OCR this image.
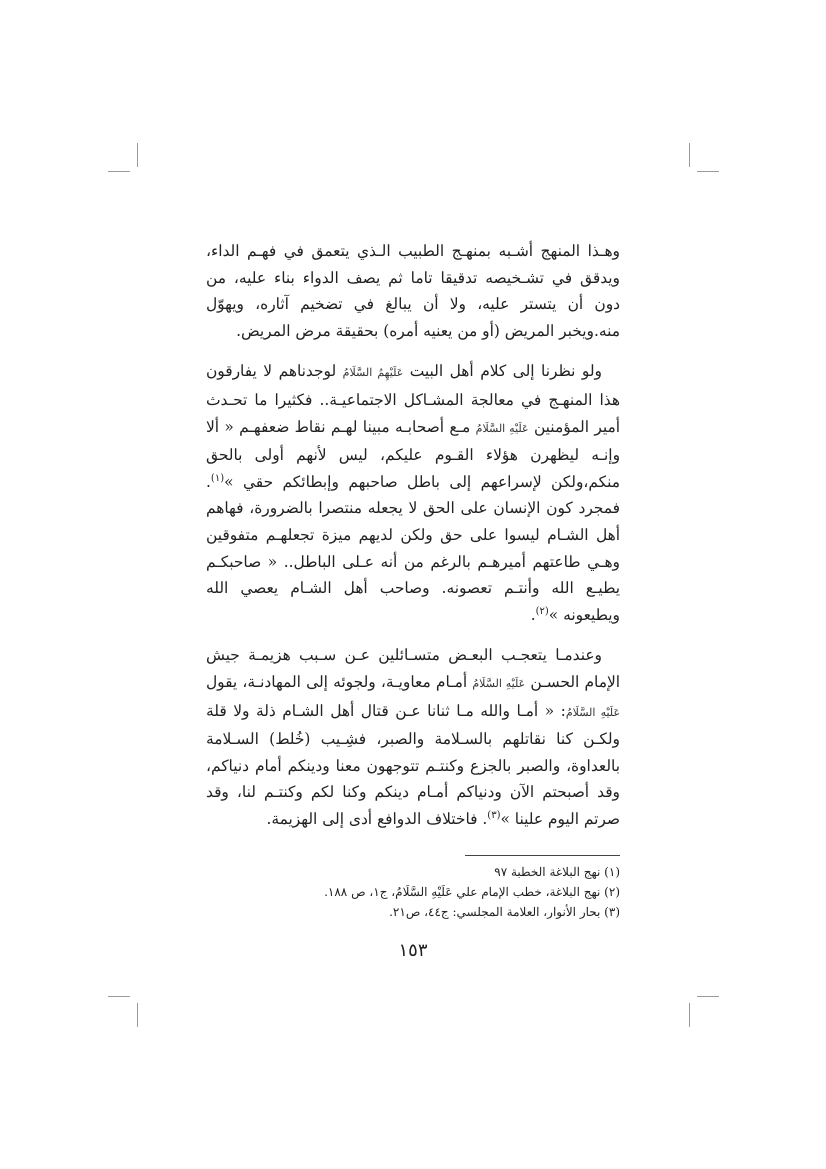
وهـذا المنهج أشـبه بمنهـج الطبيب الـذي يتعمق في فهـم الداء، ويدقق في تشـخيصه تدقيقا تاما ثم يصف الدواء بناء عليه، من دون أن يتستر عليه، ولا أن يبالغ في تضخيم آثاره، ويهوّل منه.ويخبر المريض (أو من يعنيه أمره) بحقيقة مرض المريض.

ولو نظرنا إلى كلام أهل البيت عَلَيْهِمُ السَّلَامُ لوجدناهم لا يفارقون هذا المنهـج في معالجة المشـاكل الاجتماعيـة.. فكثيرا ما تحـدث أمير المؤمنين عَلَيْهِ السَّلَامُ مـع أصحابـه مبينا لهـم نقاط ضعفهـم « ألا وإنـه ليظهرن هؤلاء القـوم عليكم، ليس لأنهم أولى بالحق منكم،ولكن لإسراعهم إلى باطل صاحبهم وإبطائكم حقي »$^{(١)}$. فمجرد كون الإنسان على الحق لا يجعله منتصرا بالضرورة، فهاهم أهل الشـام ليسوا على حق ولكن لديهم ميزة تجعلهـم متفوقين وهـي طاعتهم أميرهـم بالرغم من أنه عـلى الباطل.. « صاحبكـم يطيـع الله وأنتـم تعصونه. وصاحب أهل الشـام يعصي الله ويطيعونه »$^{(٢)}$.

وعندمـا يتعجـب البعـض متسـائلين عـن سـبب هزيمـة جيش الإمام الحسـن عَلَيْهِ السَّلَامُ أمـام معاويـة، ولجوئه إلى المهادنـة، يقول عَلَيْهِ السَّلَامُ: « أمـا والله مـا ثنانا عـن قتال أهل الشـام ذلة ولا قلة ولكـن كنا نقاتلهم بالسـلامة والصبر، فشِـيب (خُلط) السـلامة بالعداوة، والصبر بالجزع وكنتـم تتوجهون معنا ودينكم أمام دنياكم، وقد أصبحتم الآن ودنياكم أمـام دينكم وكنا لكم وكنتـم لنا، وقد صرتم اليوم علينا »$^{(٣)}$. فاختلاف الدوافع أدى إلى الهزيمة.

(١) نهج البلاغة الخطبة ٩٧

(٢) نهج البلاغة، خطب الإمام علي عَلَيْهِ السَّلَامُ، ج١، ص ١٨٨.

(٣) بحار الأنوار، العلامة المجلسي: ج٤٤، ص٢١.

١٥٣
